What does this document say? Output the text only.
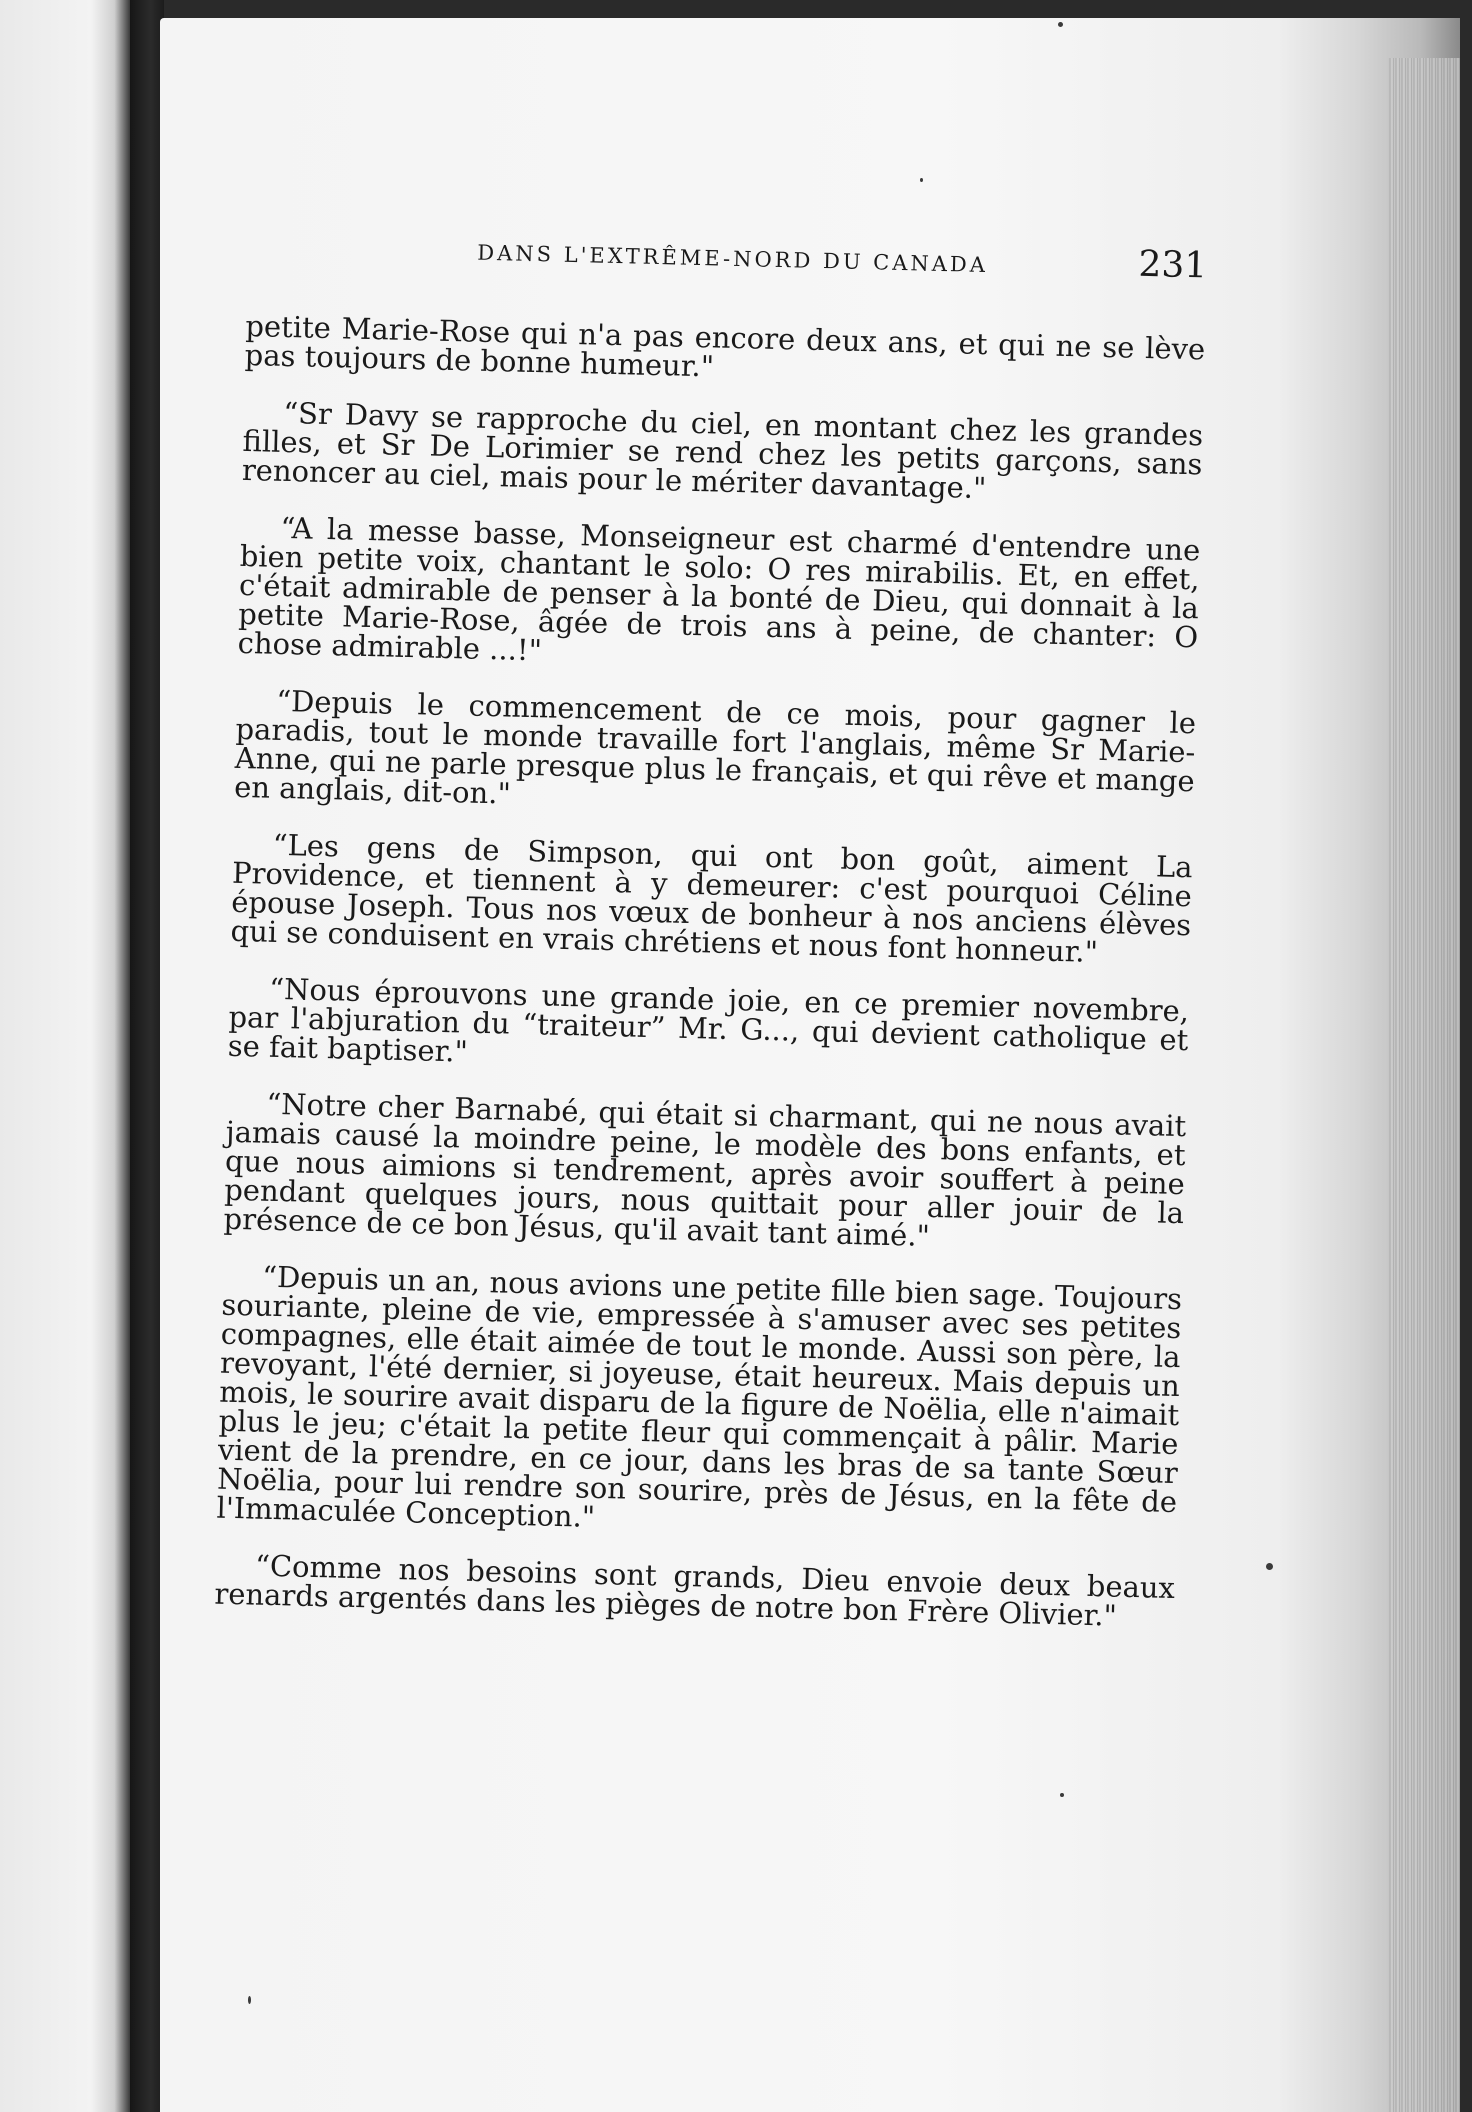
DANS L'EXTRÊME-NORD DU CANADA	231

petite Marie-Rose qui n'a pas encore deux ans, et qui ne se lève pas toujours de bonne humeur."

“Sr Davy se rapproche du ciel, en montant chez les grandes filles, et Sr De Lorimier se rend chez les petits garçons, sans renoncer au ciel, mais pour le mériter davantage."

“A la messe basse, Monseigneur est charmé d'entendre une bien petite voix, chantant le solo: O res mirabilis. Et, en effet, c'était admirable de penser à la bonté de Dieu, qui donnait à la petite Marie-Rose, âgée de trois ans à peine, de chanter: O chose admirable ...!"

“Depuis le commencement de ce mois, pour gagner le paradis, tout le monde travaille fort l'anglais, même Sr Marie-Anne, qui ne parle presque plus le français, et qui rêve et mange en anglais, dit-on."

“Les gens de Simpson, qui ont bon goût, aiment La Providence, et tiennent à y demeurer: c'est pourquoi Céline épouse Joseph. Tous nos vœux de bonheur à nos anciens élèves qui se conduisent en vrais chrétiens et nous font honneur."

“Nous éprouvons une grande joie, en ce premier novembre, par l'abjuration du “traiteur” Mr. G..., qui devient catholique et se fait baptiser."

“Notre cher Barnabé, qui était si charmant, qui ne nous avait jamais causé la moindre peine, le modèle des bons enfants, et que nous aimions si tendrement, après avoir souffert à peine pendant quelques jours, nous quittait pour aller jouir de la présence de ce bon Jésus, qu'il avait tant aimé."

“Depuis un an, nous avions une petite fille bien sage. Toujours souriante, pleine de vie, empressée à s'amuser avec ses petites compagnes, elle était aimée de tout le monde. Aussi son père, la revoyant, l'été dernier, si joyeuse, était heureux. Mais depuis un mois, le sourire avait disparu de la figure de Noëlia, elle n'aimait plus le jeu; c'était la petite fleur qui commençait à pâlir. Marie vient de la prendre, en ce jour, dans les bras de sa tante Sœur Noëlia, pour lui rendre son sourire, près de Jésus, en la fête de l'Immaculée Conception."

“Comme nos besoins sont grands, Dieu envoie deux beaux renards argentés dans les pièges de notre bon Frère Olivier."
